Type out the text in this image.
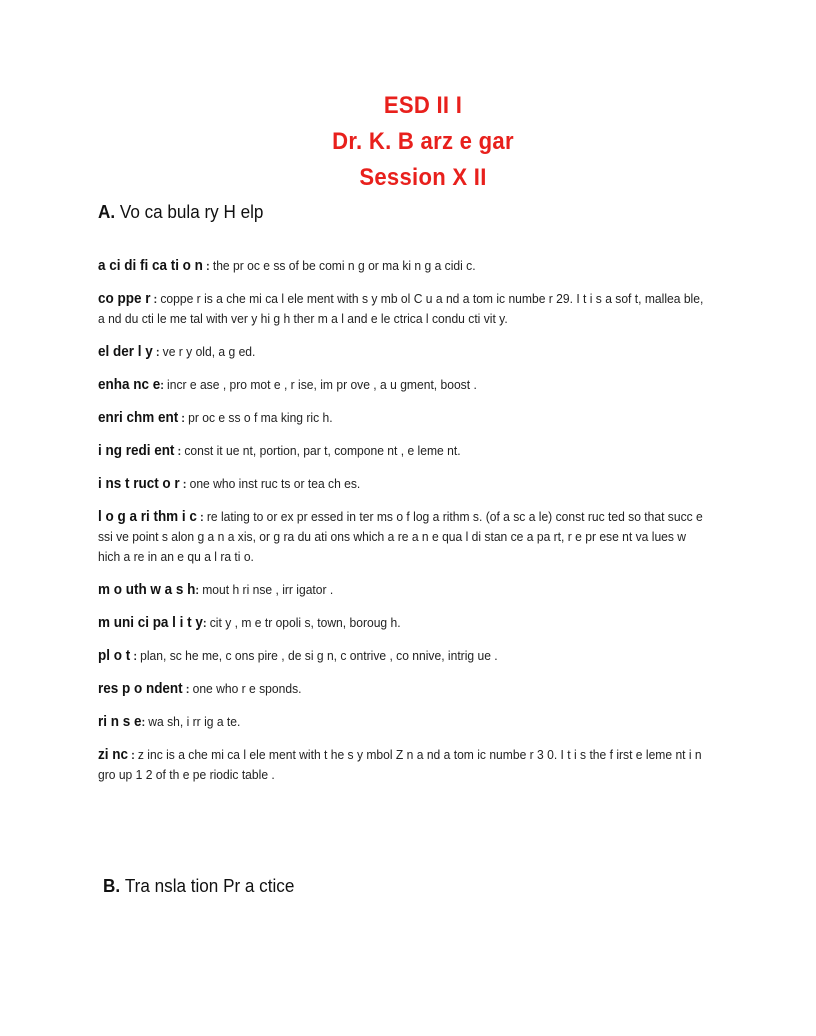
ESD II I
Dr. K. B arz e gar
Session X II
A. Vo ca bula ry H elp
a ci di fi ca ti o n : the pr oc e ss of be comi n g or ma ki n g a cidi c.
co ppe r : coppe r is a che mi ca l ele ment with s y mb ol C u a nd a tom ic numbe r 29. I t i s a sof t, mallea ble, a nd du cti le me tal with ver y hi g h ther m a l and e le ctrica l condu cti vit y.
el der l y : ve r y old, a g ed.
enha nc e: incr e ase , pro mot e , r ise, im pr ove , a u gment, boost .
enri chm ent : pr oc e ss o f ma king ric h.
i ng redi ent : const it ue nt, portion, par t, compone nt , e leme nt.
i ns t ruct o r : one who inst ruc ts or tea ch es.
l o g a ri thm i c : re lating to or ex pr essed in ter ms o f log a rithm s. (of a sc a le) const ruc ted so that succ e ssi ve point s alon g a n a xis, or g ra du ati ons which a re a n e qua l di stan ce a pa rt, r e pr ese nt va lues w hich a re in an e qu a l ra ti o.
m o uth w a s h: mout h ri nse , irr igator .
m uni ci pa l i t y: cit y , m e tr opoli s, town, boroug h.
pl o t : plan, sc he me, c ons pire , de si g n, c ontrive , co nnive, intrig ue .
res p o ndent : one who r e sponds.
ri n s e: wa sh, i rr ig a te.
zi nc : z inc is a che mi ca l ele ment with t he s y mbol Z n a nd a tom ic numbe r 3 0. I t i s the f irst e leme nt i n gro up 1 2 of th e pe riodic table .
B. Tra nsla tion Pr a ctice
